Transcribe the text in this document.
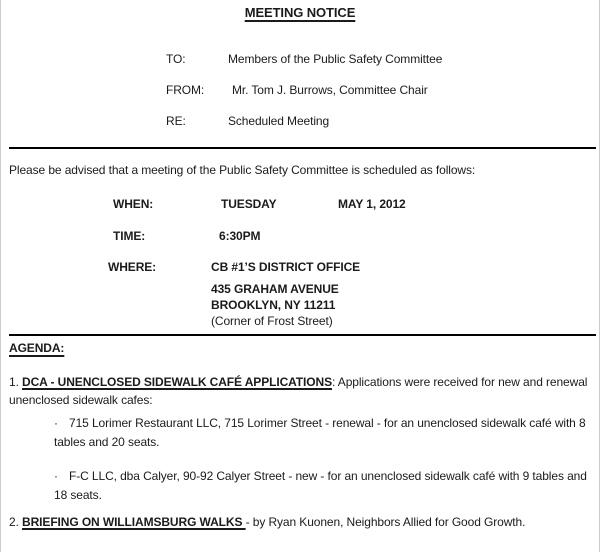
MEETING NOTICE
TO:	Members of the Public Safety Committee
FROM: Mr. Tom J. Burrows, Committee Chair
RE:	Scheduled Meeting
Please be advised that a meeting of the Public Safety Committee is scheduled as follows:
WHEN:	TUESDAY	MAY 1, 2012
TIME:	6:30PM
WHERE:	CB #1’S DISTRICT OFFICE
435 GRAHAM AVENUE
BROOKLYN, NY 11211
(Corner of Frost Street)
AGENDA:
1. DCA - UNENCLOSED SIDEWALK CAFÉ APPLICATIONS: Applications were received for new and renewal unenclosed sidewalk cafes:
· 715 Lorimer Restaurant LLC, 715 Lorimer Street - renewal - for an unenclosed sidewalk café with 8 tables and 20 seats.
· F-C LLC, dba Calyer, 90-92 Calyer Street - new - for an unenclosed sidewalk café with 9 tables and 18 seats.
2. BRIEFING ON WILLIAMSBURG WALKS - by Ryan Kuonen, Neighbors Allied for Good Growth.
